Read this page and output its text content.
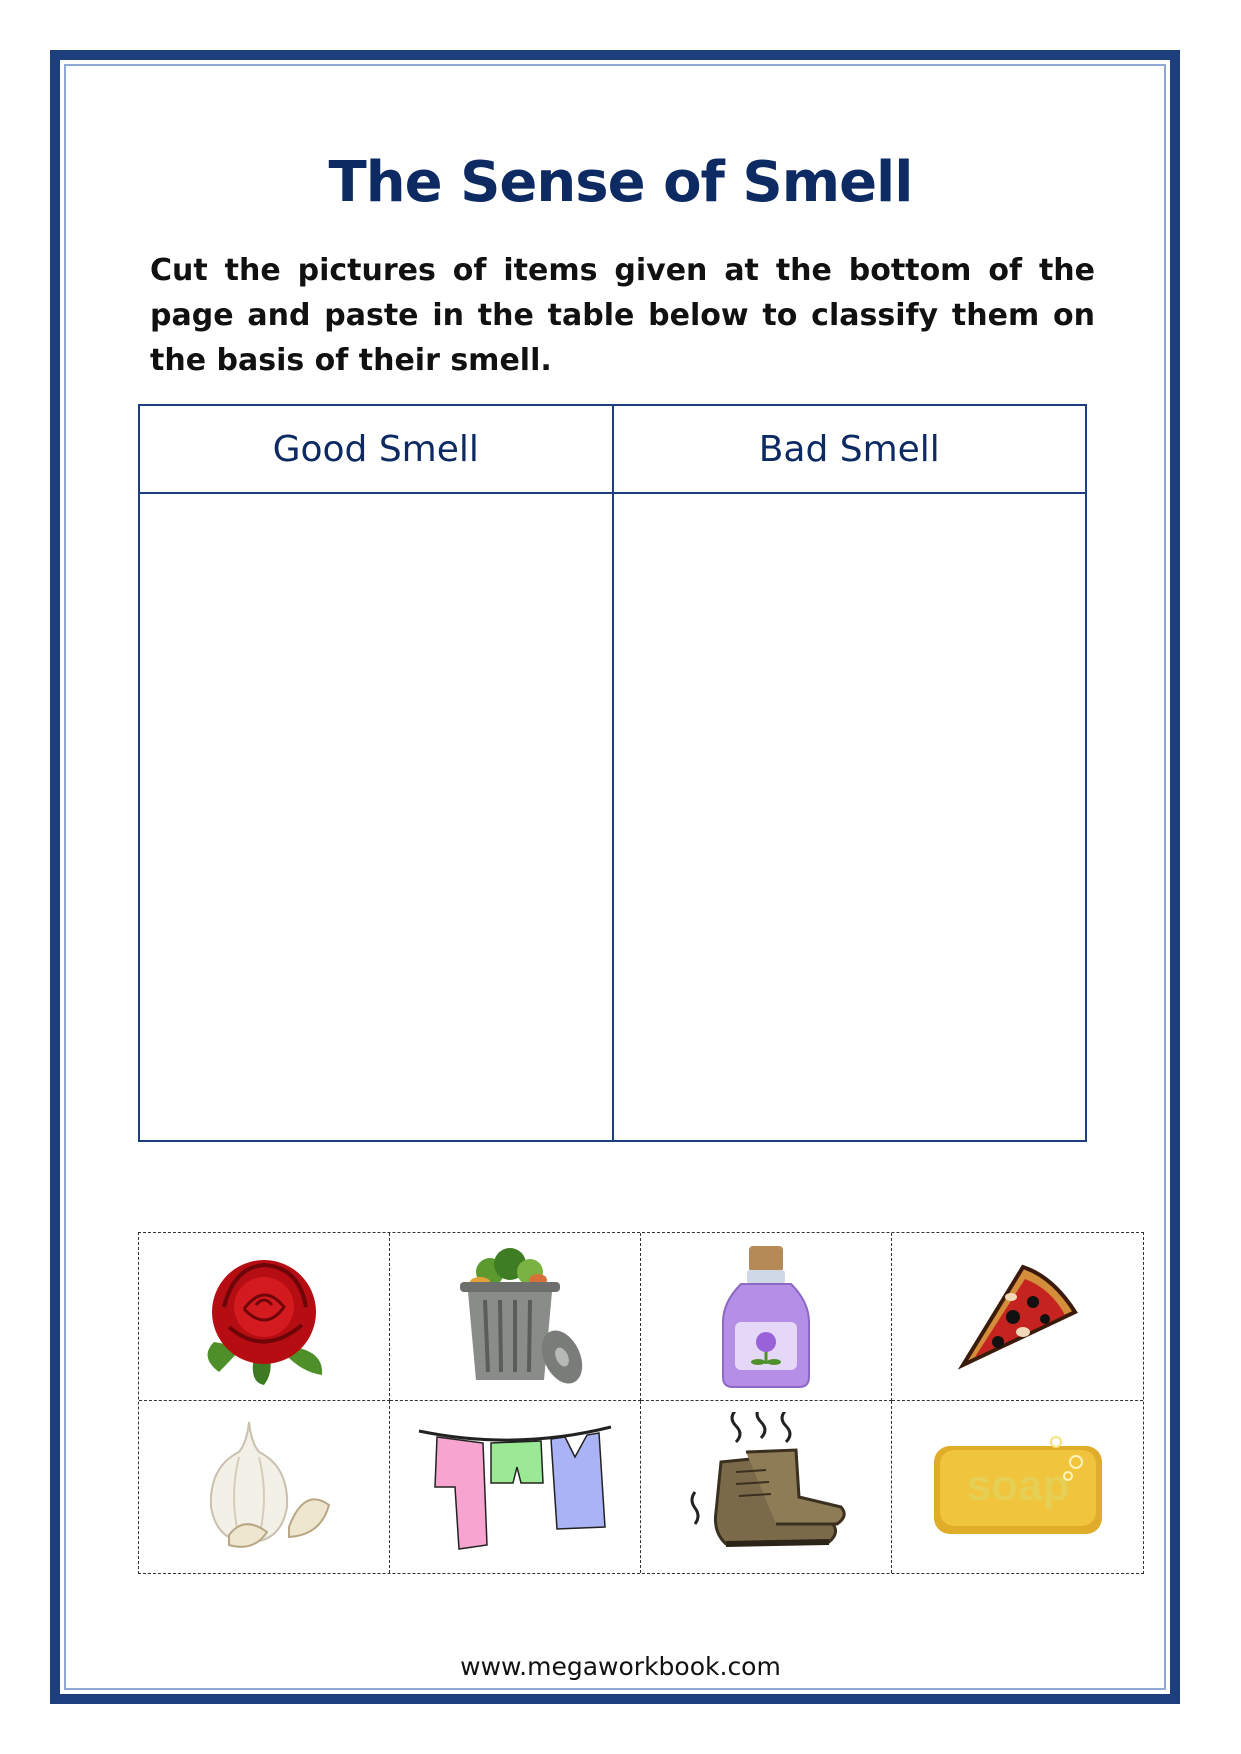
The Sense of Smell
Cut the pictures of items given at the bottom of the page and paste in the table below to classify them on the basis of their smell.
Good Smell	Bad Smell
soap
www.megaworkbook.com
